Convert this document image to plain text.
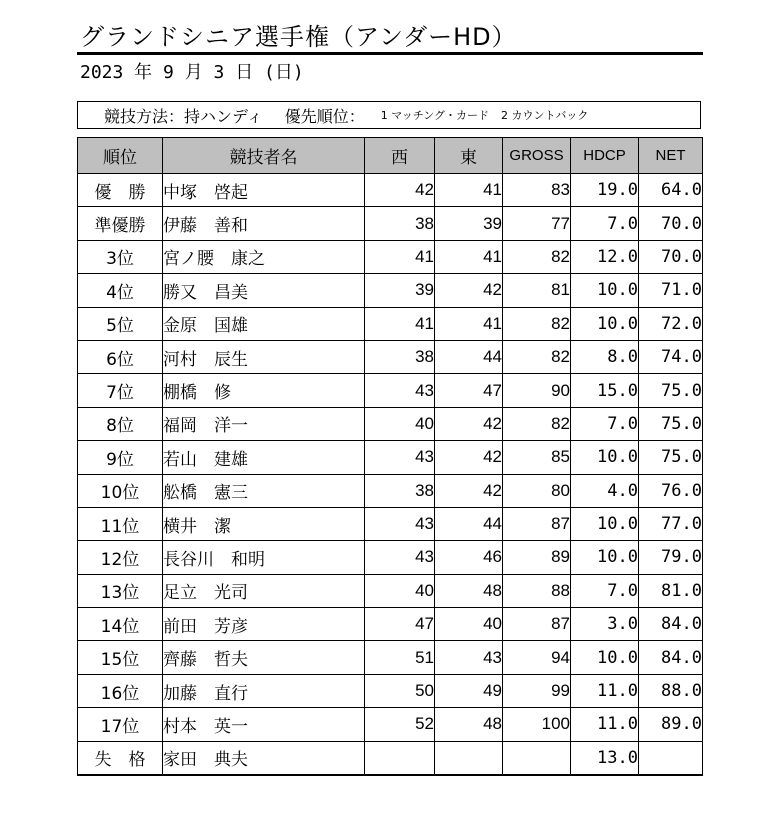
グランドシニア選手権（アンダーHD）
2023 年 9 月 3 日 (日)
競技方法：持ハンディ 優先順位： 1 マッチング・カード 2 カウントバック
順位	競技者名	西	東	GROSS	HDCP	NET
優　勝	中塚　啓起	42	41	83	19.0	64.0
準優勝	伊藤　善和	38	39	77	7.0	70.0
3位	宮ノ腰　康之	41	41	82	12.0	70.0
4位	勝又　昌美	39	42	81	10.0	71.0
5位	金原　国雄	41	41	82	10.0	72.0
6位	河村　辰生	38	44	82	8.0	74.0
7位	棚橋　修	43	47	90	15.0	75.0
8位	福岡　洋一	40	42	82	7.0	75.0
9位	若山　建雄	43	42	85	10.0	75.0
10位	舩橋　憲三	38	42	80	4.0	76.0
11位	横井　潔	43	44	87	10.0	77.0
12位	長谷川　和明	43	46	89	10.0	79.0
13位	足立　光司	40	48	88	7.0	81.0
14位	前田　芳彦	47	40	87	3.0	84.0
15位	齊藤　哲夫	51	43	94	10.0	84.0
16位	加藤　直行	50	49	99	11.0	88.0
17位	村本　英一	52	48	100	11.0	89.0
失　格	家田　典夫				13.0	
